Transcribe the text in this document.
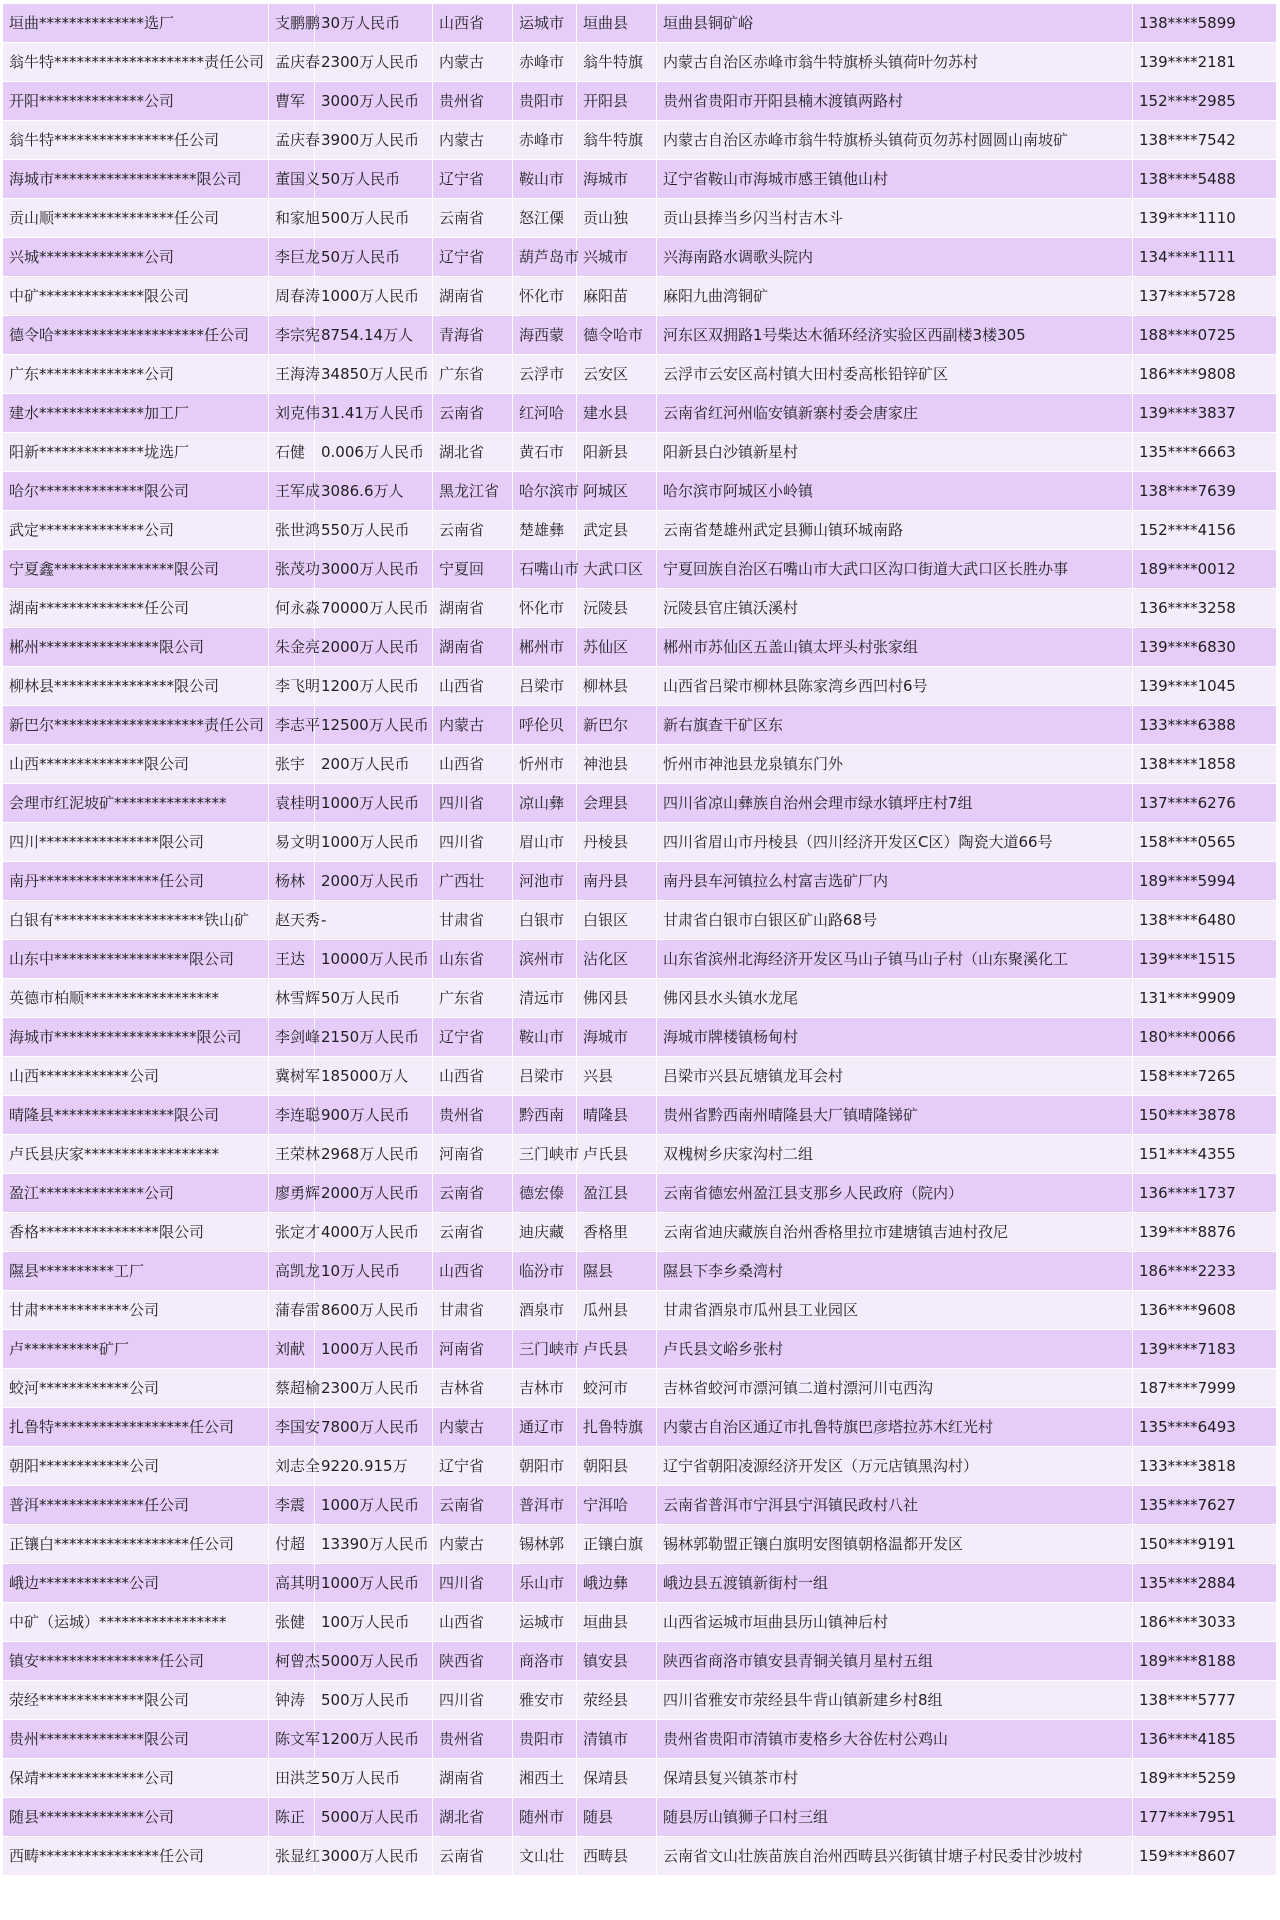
垣曲**************选厂	支鹏鹏	30万人民币	山西省	运城市	垣曲县	垣曲县铜矿峪	138****5899
翁牛特********************责任公司	孟庆春	2300万人民币	内蒙古	赤峰市	翁牛特旗	内蒙古自治区赤峰市翁牛特旗桥头镇荷叶勿苏村	139****2181
开阳**************公司	曹军	3000万人民币	贵州省	贵阳市	开阳县	贵州省贵阳市开阳县楠木渡镇两路村	152****2985
翁牛特****************任公司	孟庆春	3900万人民币	内蒙古	赤峰市	翁牛特旗	内蒙古自治区赤峰市翁牛特旗桥头镇荷页勿苏村圆圆山南坡矿	138****7542
海城市*******************限公司	董国义	50万人民币	辽宁省	鞍山市	海城市	辽宁省鞍山市海城市感王镇他山村	138****5488
贡山顺****************任公司	和家旭	500万人民币	云南省	怒江傈	贡山独	贡山县捧当乡闪当村吉木斗	139****1110
兴城**************公司	李巨龙	50万人民币	辽宁省	葫芦岛市	兴城市	兴海南路水调歌头院内	134****1111
中矿**************限公司	周春涛	1000万人民币	湖南省	怀化市	麻阳苗	麻阳九曲湾铜矿	137****5728
德令哈********************任公司	李宗宪	8754.14万人	青海省	海西蒙	德令哈市	河东区双拥路1号柴达木循环经济实验区西副楼3楼305	188****0725
广东**************公司	王海涛	34850万人民币	广东省	云浮市	云安区	云浮市云安区高村镇大田村委高枨铅锌矿区	186****9808
建水**************加工厂	刘克伟	31.41万人民币	云南省	红河哈	建水县	云南省红河州临安镇新寨村委会唐家庄	139****3837
阳新**************垅选厂	石健	0.006万人民币	湖北省	黄石市	阳新县	阳新县白沙镇新星村	135****6663
哈尔**************限公司	王军成	3086.6万人	黑龙江省	哈尔滨市	阿城区	哈尔滨市阿城区小岭镇	138****7639
武定**************公司	张世鸿	550万人民币	云南省	楚雄彝	武定县	云南省楚雄州武定县狮山镇环城南路	152****4156
宁夏鑫****************限公司	张茂功	3000万人民币	宁夏回	石嘴山市	大武口区	宁夏回族自治区石嘴山市大武口区沟口街道大武口区长胜办事	189****0012
湖南**************任公司	何永淼	70000万人民币	湖南省	怀化市	沅陵县	沅陵县官庄镇沃溪村	136****3258
郴州****************限公司	朱金亮	2000万人民币	湖南省	郴州市	苏仙区	郴州市苏仙区五盖山镇太坪头村张家组	139****6830
柳林县****************限公司	李飞明	1200万人民币	山西省	吕梁市	柳林县	山西省吕梁市柳林县陈家湾乡西凹村6号	139****1045
新巴尔********************责任公司	李志平	12500万人民币	内蒙古	呼伦贝	新巴尔	新右旗查干矿区东	133****6388
山西**************限公司	张宇	200万人民币	山西省	忻州市	神池县	忻州市神池县龙泉镇东门外	138****1858
会理市红泥坡矿***************	袁桂明	1000万人民币	四川省	凉山彝	会理县	四川省凉山彝族自治州会理市绿水镇坪庄村7组	137****6276
四川****************限公司	易文明	1000万人民币	四川省	眉山市	丹棱县	四川省眉山市丹棱县（四川经济开发区C区）陶瓷大道66号	158****0565
南丹****************任公司	杨林	2000万人民币	广西壮	河池市	南丹县	南丹县车河镇拉么村富吉选矿厂内	189****5994
白银有********************铁山矿	赵天秀	-	甘肃省	白银市	白银区	甘肃省白银市白银区矿山路68号	138****6480
山东中******************限公司	王达	10000万人民币	山东省	滨州市	沾化区	山东省滨州北海经济开发区马山子镇马山子村（山东聚溪化工	139****1515
英德市柏顺******************	林雪辉	50万人民币	广东省	清远市	佛冈县	佛冈县水头镇水龙尾	131****9909
海城市*******************限公司	李剑峰	2150万人民币	辽宁省	鞍山市	海城市	海城市牌楼镇杨甸村	180****0066
山西************公司	冀树军	185000万人	山西省	吕梁市	兴县	吕梁市兴县瓦塘镇龙耳会村	158****7265
晴隆县****************限公司	李连聪	900万人民币	贵州省	黔西南	晴隆县	贵州省黔西南州晴隆县大厂镇晴隆锑矿	150****3878
卢氏县庆家******************	王荣林	2968万人民币	河南省	三门峡市	卢氏县	双槐树乡庆家沟村二组	151****4355
盈江**************公司	廖勇辉	2000万人民币	云南省	德宏傣	盈江县	云南省德宏州盈江县支那乡人民政府（院内）	136****1737
香格****************限公司	张定才	4000万人民币	云南省	迪庆藏	香格里	云南省迪庆藏族自治州香格里拉市建塘镇吉迪村孜尼	139****8876
隰县**********工厂	高凯龙	10万人民币	山西省	临汾市	隰县	隰县下李乡桑湾村	186****2233
甘肃************公司	蒲春雷	8600万人民币	甘肃省	酒泉市	瓜州县	甘肃省酒泉市瓜州县工业园区	136****9608
卢**********矿厂	刘献	1000万人民币	河南省	三门峡市	卢氏县	卢氏县文峪乡张村	139****7183
蛟河************公司	蔡超榆	2300万人民币	吉林省	吉林市	蛟河市	吉林省蛟河市漂河镇二道村漂河川屯西沟	187****7999
扎鲁特******************任公司	李国安	7800万人民币	内蒙古	通辽市	扎鲁特旗	内蒙古自治区通辽市扎鲁特旗巴彦塔拉苏木红光村	135****6493
朝阳************公司	刘志全	9220.915万	辽宁省	朝阳市	朝阳县	辽宁省朝阳凌源经济开发区（万元店镇黑沟村）	133****3818
普洱**************任公司	李震	1000万人民币	云南省	普洱市	宁洱哈	云南省普洱市宁洱县宁洱镇民政村八社	135****7627
正镶白******************任公司	付超	13390万人民币	内蒙古	锡林郭	正镶白旗	锡林郭勒盟正镶白旗明安图镇朝格温都开发区	150****9191
峨边************公司	高其明	1000万人民币	四川省	乐山市	峨边彝	峨边县五渡镇新街村一组	135****2884
中矿（运城）*****************	张健	100万人民币	山西省	运城市	垣曲县	山西省运城市垣曲县历山镇神后村	186****3033
镇安****************任公司	柯曾杰	5000万人民币	陕西省	商洛市	镇安县	陕西省商洛市镇安县青铜关镇月星村五组	189****8188
荥经**************限公司	钟涛	500万人民币	四川省	雅安市	荥经县	四川省雅安市荥经县牛背山镇新建乡村8组	138****5777
贵州**************限公司	陈文军	1200万人民币	贵州省	贵阳市	清镇市	贵州省贵阳市清镇市麦格乡大谷佐村公鸡山	136****4185
保靖**************公司	田洪芝	50万人民币	湖南省	湘西土	保靖县	保靖县复兴镇茶市村	189****5259
随县**************公司	陈正	5000万人民币	湖北省	随州市	随县	随县厉山镇狮子口村三组	177****7951
西畴****************任公司	张显红	3000万人民币	云南省	文山壮	西畴县	云南省文山壮族苗族自治州西畴县兴街镇甘塘子村民委甘沙坡村	159****8607
